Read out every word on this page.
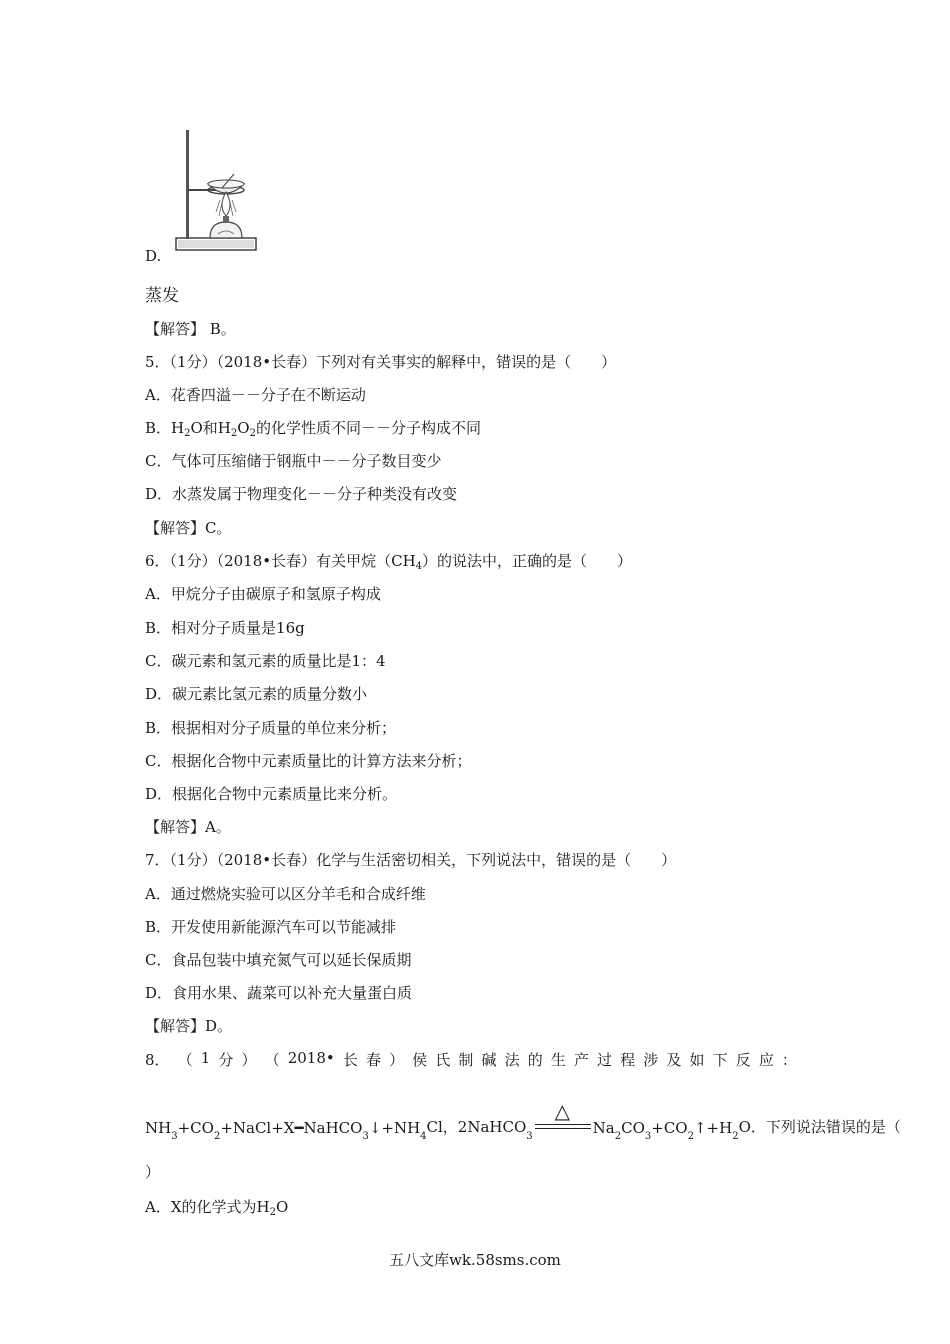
D.
蒸发
【解答】 B。
5．（1分）（2018•长春）下列对有关事实的解释中，错误的是（　　）
A．花香四溢－－分子在不断运动
B．$H_2O$和$H_2O_2$的化学性质不同－－分子构成不同
C．气体可压缩储于钢瓶中－－分子数目变少
D．水蒸发属于物理变化－－分子种类没有改变
【解答】C。
6．（1分）（2018•长春）有关甲烷$(CH_4)$的说法中，正确的是（　　）
A．甲烷分子由碳原子和氢原子构成
B．相对分子质量是16g
C．碳元素和氢元素的质量比是1：4
D．碳元素比氢元素的质量分数小
B．根据相对分子质量的单位来分析；
C．根据化合物中元素质量比的计算方法来分析；
D．根据化合物中元素质量比来分析。
【解答】A。
7．（1分）（2018•长春）化学与生活密切相关，下列说法中，错误的是（　　）
A．通过燃烧实验可以区分羊毛和合成纤维
B．开发使用新能源汽车可以节能减排
C．食品包装中填充氮气可以延长保质期
D．食用水果、蔬菜可以补充大量蛋白质
【解答】D。
8． （ 1 分 ） （ 2018• 长 春 ） 侯 氏 制 碱 法 的 生 产 过 程 涉 及 如 下 反 应 ：
NH 3 +CO 2 +NaCl+X━NaHCO 3 ↓+NH 4
Cl，2NaHCO
3
△
Na 2 CO 3 +CO 2 ↑+H 2
O．下列说法错误的是（
）
A．X的化学式为$H_2O$
五八文库wk.58sms.com
